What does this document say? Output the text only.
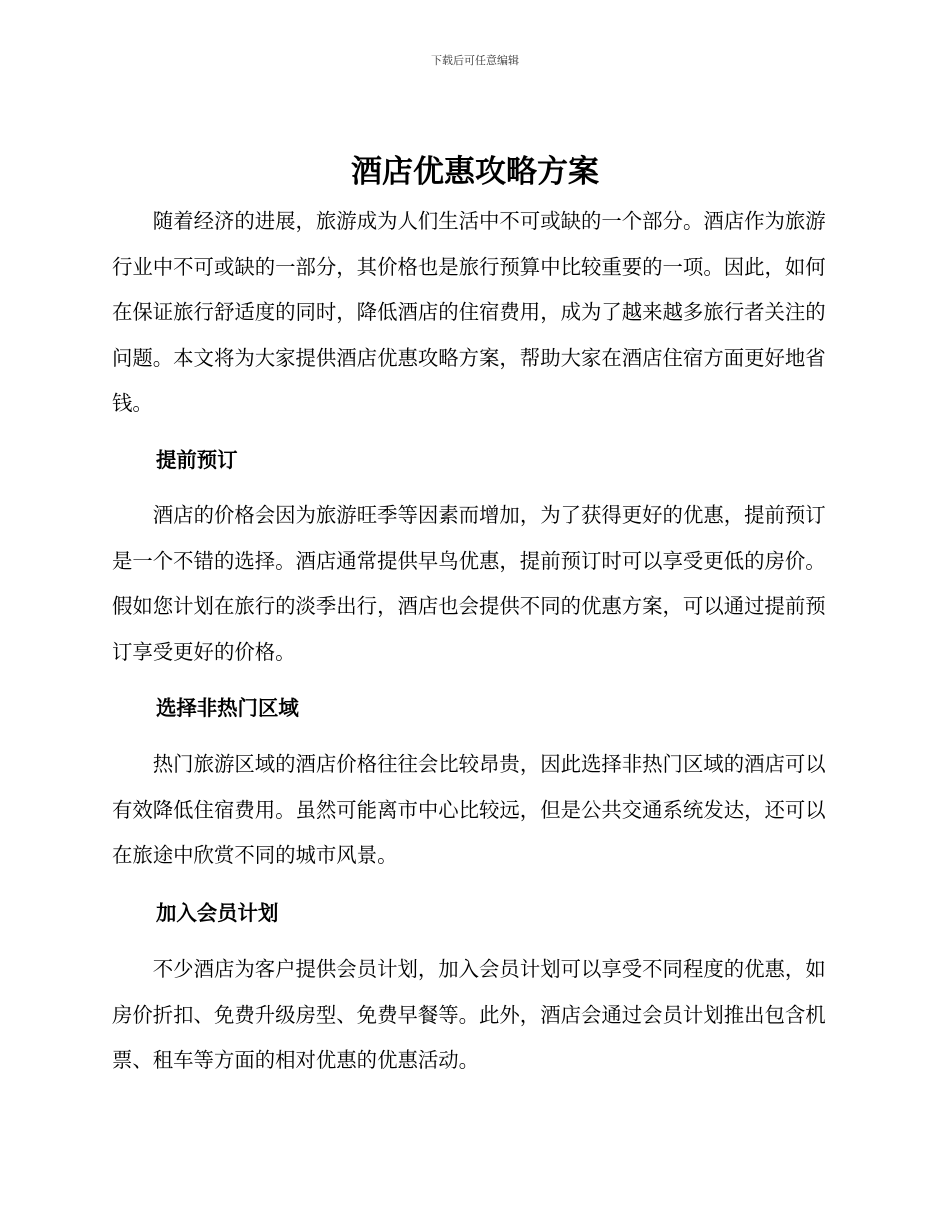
下载后可任意编辑
酒店优惠攻略方案

随着经济的进展，旅游成为人们生活中不可或缺的一个部分。酒店作为旅游行业中不可或缺的一部分，其价格也是旅行预算中比较重要的一项。因此，如何在保证旅行舒适度的同时，降低酒店的住宿费用，成为了越来越多旅行者关注的问题。本文将为大家提供酒店优惠攻略方案，帮助大家在酒店住宿方面更好地省钱。

提前预订

酒店的价格会因为旅游旺季等因素而增加，为了获得更好的优惠，提前预订是一个不错的选择。酒店通常提供早鸟优惠，提前预订时可以享受更低的房价。假如您计划在旅行的淡季出行，酒店也会提供不同的优惠方案，可以通过提前预订享受更好的价格。

选择非热门区域

热门旅游区域的酒店价格往往会比较昂贵，因此选择非热门区域的酒店可以有效降低住宿费用。虽然可能离市中心比较远，但是公共交通系统发达，还可以在旅途中欣赏不同的城市风景。

加入会员计划

不少酒店为客户提供会员计划，加入会员计划可以享受不同程度的优惠，如房价折扣、免费升级房型、免费早餐等。此外，酒店会通过会员计划推出包含机票、租车等方面的相对优惠的优惠活动。
